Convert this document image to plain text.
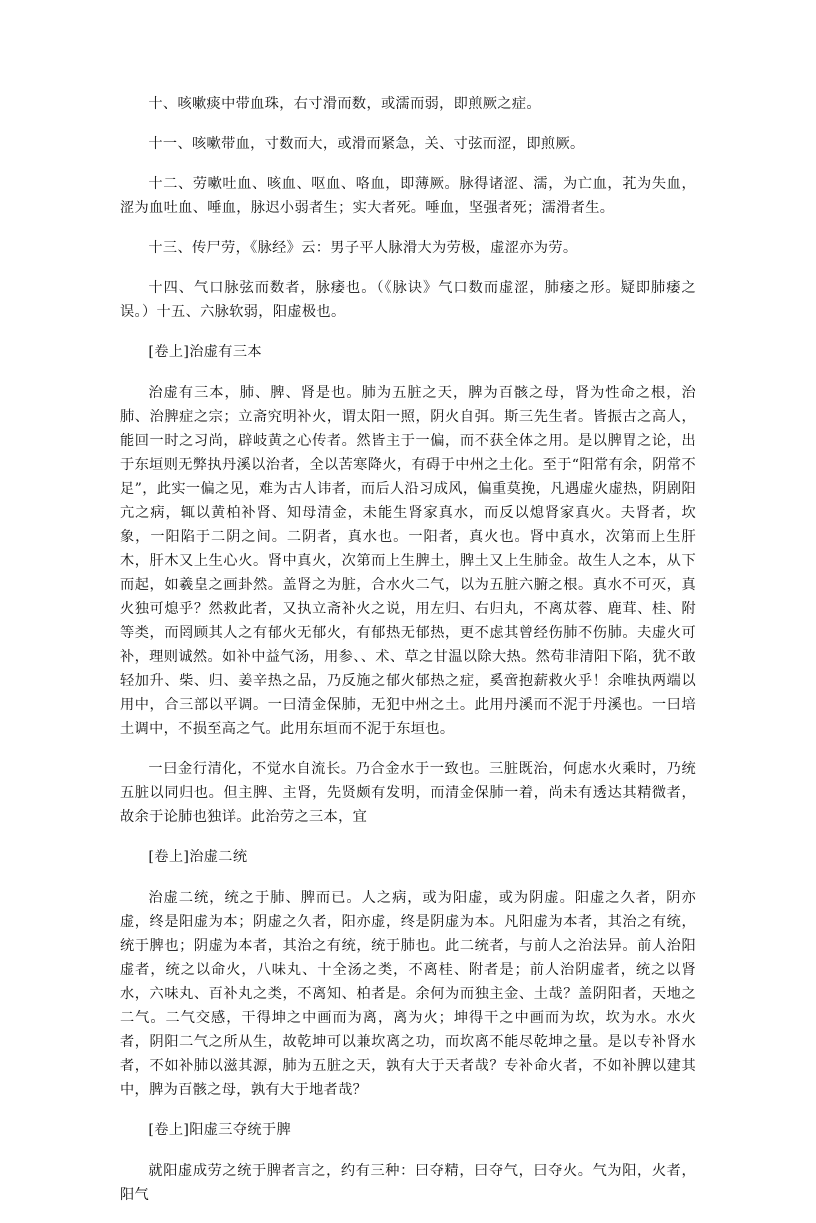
十、咳嗽痰中带血珠，右寸滑而数，或濡而弱，即煎厥之症。

十一、咳嗽带血，寸数而大，或滑而紧急，关、寸弦而涩，即煎厥。

十二、劳嗽吐血、咳血、呕血、咯血，即薄厥。脉得诸涩、濡，为亡血，芤为失血，涩为血吐血、唾血，脉迟小弱者生；实大者死。唾血，坚强者死；濡滑者生。

十三、传尸劳，《脉经》云：男子平人脉滑大为劳极，虚涩亦为劳。

十四、气口脉弦而数者，脉痿也。（《脉诀》气口数而虚涩，肺痿之形。疑即肺痿之误。）十五、六脉软弱，阳虚极也。

[卷上]治虚有三本

治虚有三本，肺、脾、肾是也。肺为五脏之天，脾为百骸之母，肾为性命之根，治肺、治脾症之宗；立斋究明补火，谓太阳一照，阴火自弭。斯三先生者。皆振古之高人，能回一时之习尚，辟岐黄之心传者。然皆主于一偏，而不获全体之用。是以脾胃之论，出于东垣则无弊执丹溪以治者，全以苦寒降火，有碍于中州之土化。至于“阳常有余，阴常不足”，此实一偏之见，难为古人讳者，而后人沿习成风，偏重莫挽，凡遇虚火虚热，阴剧阳亢之病，辄以黄柏补肾、知母清金，未能生肾家真水，而反以熄肾家真火。夫肾者，坎象，一阳陷于二阴之间。二阴者，真水也。一阳者，真火也。肾中真水，次第而上生肝木，肝木又上生心火。肾中真火，次第而上生脾土，脾土又上生肺金。故生人之本，从下而起，如羲皇之画卦然。盖肾之为脏，合水火二气，以为五脏六腑之根。真水不可灭，真火独可熄乎？然救此者，又执立斋补火之说，用左归、右归丸，不离苁蓉、鹿茸、桂、附等类，而罔顾其人之有郁火无郁火，有郁热无郁热，更不虑其曾经伤肺不伤肺。夫虚火可补，理则诚然。如补中益气汤，用参、、术、草之甘温以除大热。然苟非清阳下陷，犹不敢轻加升、柴、归、姜辛热之品，乃反施之郁火郁热之症，奚啻抱薪救火乎！余唯执两端以用中，合三部以平调。一曰清金保肺，无犯中州之土。此用丹溪而不泥于丹溪也。一曰培土调中，不损至高之气。此用东垣而不泥于东垣也。

一曰金行清化，不觉水自流长。乃合金水于一致也。三脏既治，何虑水火乘时，乃统五脏以同归也。但主脾、主肾，先贤颇有发明，而清金保肺一着，尚未有透达其精微者，故余于论肺也独详。此治劳之三本，宜

[卷上]治虚二统

治虚二统，统之于肺、脾而已。人之病，或为阳虚，或为阴虚。阳虚之久者，阴亦虚，终是阳虚为本；阴虚之久者，阳亦虚，终是阴虚为本。凡阳虚为本者，其治之有统，统于脾也；阴虚为本者，其治之有统，统于肺也。此二统者，与前人之治法异。前人治阳虚者，统之以命火，八味丸、十全汤之类，不离桂、附者是；前人治阴虚者，统之以肾水，六味丸、百补丸之类，不离知、柏者是。余何为而独主金、土哉？盖阴阳者，天地之二气。二气交感，干得坤之中画而为离，离为火；坤得干之中画而为坎，坎为水。水火者，阴阳二气之所从生，故乾坤可以兼坎离之功，而坎离不能尽乾坤之量。是以专补肾水者，不如补肺以滋其源，肺为五脏之天，孰有大于天者哉？专补命火者，不如补脾以建其中，脾为百骸之母，孰有大于地者哉？

[卷上]阳虚三夺统于脾

就阳虚成劳之统于脾者言之，约有三种：曰夺精，曰夺气，曰夺火。气为阳，火者，阳气
